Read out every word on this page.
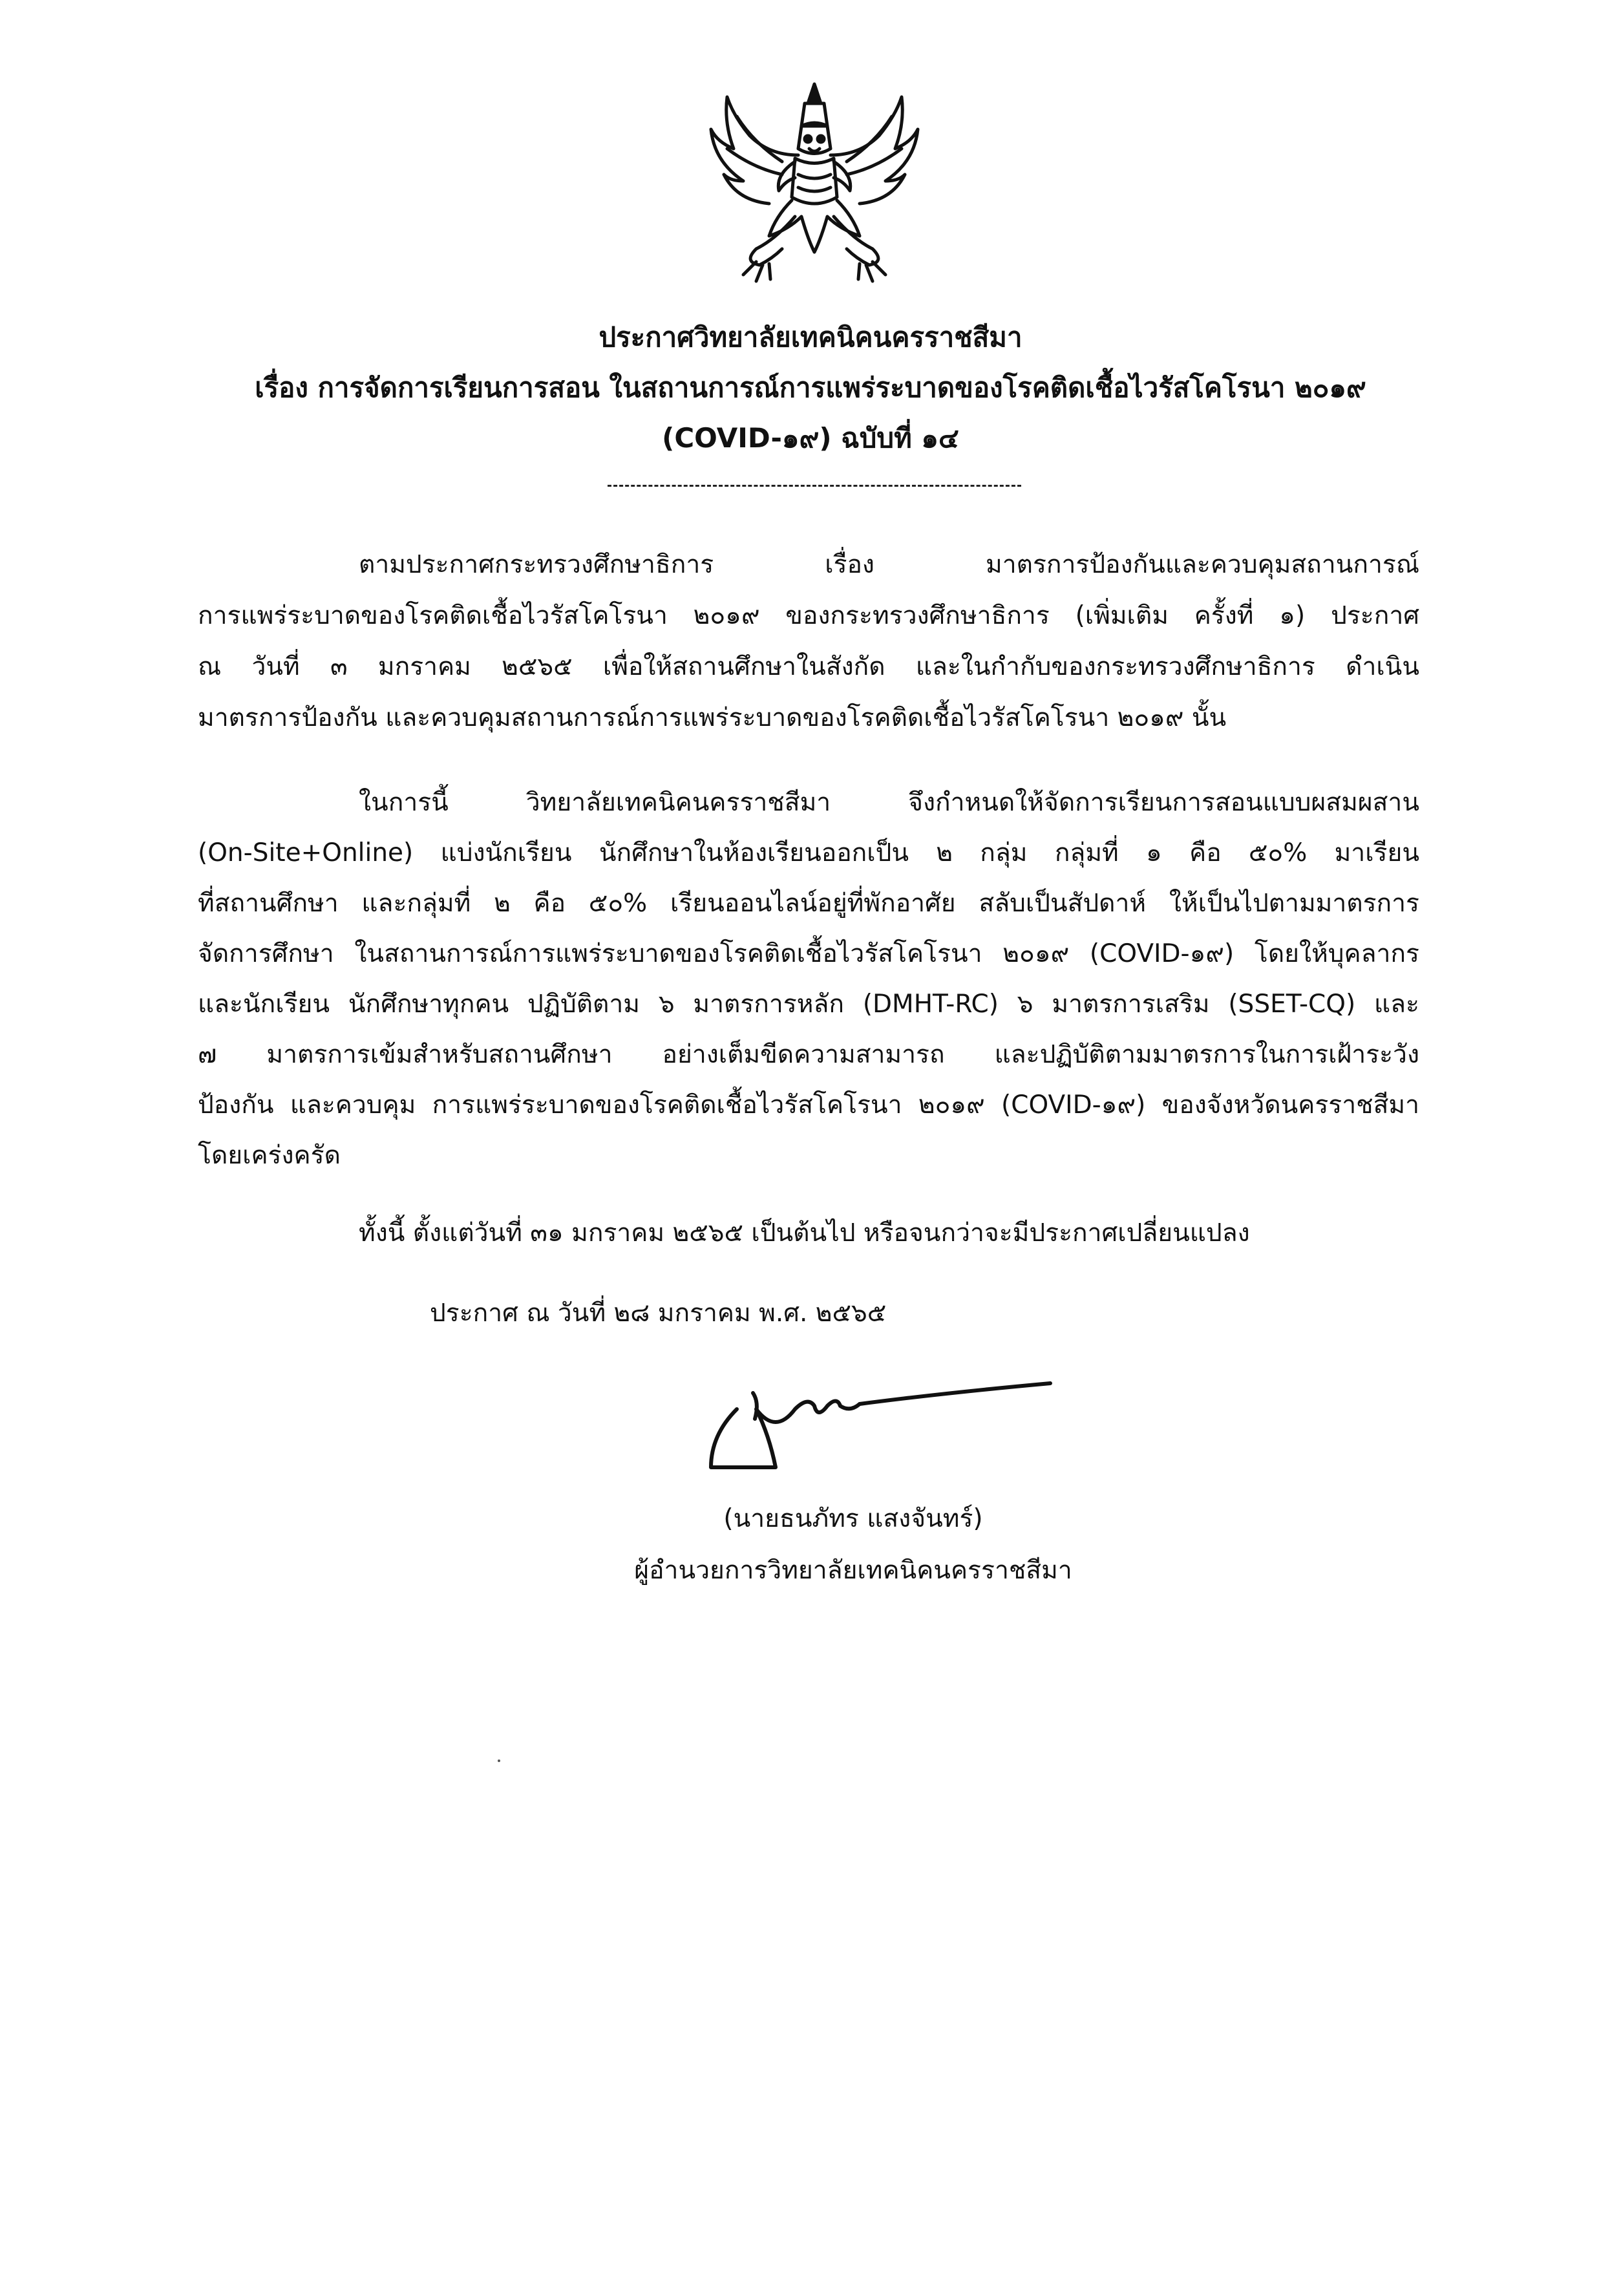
ประกาศวิทยาลัยเทคนิคนครราชสีมา
เรื่อง การจัดการเรียนการสอน ในสถานการณ์การแพร่ระบาดของโรคติดเชื้อไวรัสโคโรนา ๒๐๑๙
(COVID-๑๙) ฉบับที่ ๑๔
ตามประกาศกระทรวงศึกษาธิการ เรื่อง มาตรการป้องกันและควบคุมสถานการณ์
การแพร่ระบาดของโรคติดเชื้อไวรัสโคโรนา ๒๐๑๙ ของกระทรวงศึกษาธิการ (เพิ่มเติม ครั้งที่ ๑) ประกาศ
ณ วันที่ ๓ มกราคม ๒๕๖๕ เพื่อให้สถานศึกษาในสังกัด และในกำกับของกระทรวงศึกษาธิการ ดำเนิน
มาตรการป้องกัน และควบคุมสถานการณ์การแพร่ระบาดของโรคติดเชื้อไวรัสโคโรนา ๒๐๑๙ นั้น
ในการนี้ วิทยาลัยเทคนิคนครราชสีมา จึงกำหนดให้จัดการเรียนการสอนแบบผสมผสาน
(On-Site+Online) แบ่งนักเรียน นักศึกษาในห้องเรียนออกเป็น ๒ กลุ่ม กลุ่มที่ ๑ คือ ๕๐% มาเรียน
ที่สถานศึกษา และกลุ่มที่ ๒ คือ ๕๐% เรียนออนไลน์อยู่ที่พักอาศัย สลับเป็นสัปดาห์ ให้เป็นไปตามมาตรการ
จัดการศึกษา ในสถานการณ์การแพร่ระบาดของโรคติดเชื้อไวรัสโคโรนา ๒๐๑๙ (COVID-๑๙) โดยให้บุคลากร
และนักเรียน นักศึกษาทุกคน ปฏิบัติตาม ๖ มาตรการหลัก (DMHT-RC) ๖ มาตรการเสริม (SSET-CQ) และ
๗ มาตรการเข้มสำหรับสถานศึกษา อย่างเต็มขีดความสามารถ และปฏิบัติตามมาตรการในการเฝ้าระวัง
ป้องกัน และควบคุม การแพร่ระบาดของโรคติดเชื้อไวรัสโคโรนา ๒๐๑๙ (COVID-๑๙) ของจังหวัดนครราชสีมา
โดยเคร่งครัด
ทั้งนี้ ตั้งแต่วันที่ ๓๑ มกราคม ๒๕๖๕ เป็นต้นไป หรือจนกว่าจะมีประกาศเปลี่ยนแปลง
ประกาศ ณ วันที่ ๒๘ มกราคม พ.ศ. ๒๕๖๕
(นายธนภัทร แสงจันทร์)
ผู้อำนวยการวิทยาลัยเทคนิคนครราชสีมา
